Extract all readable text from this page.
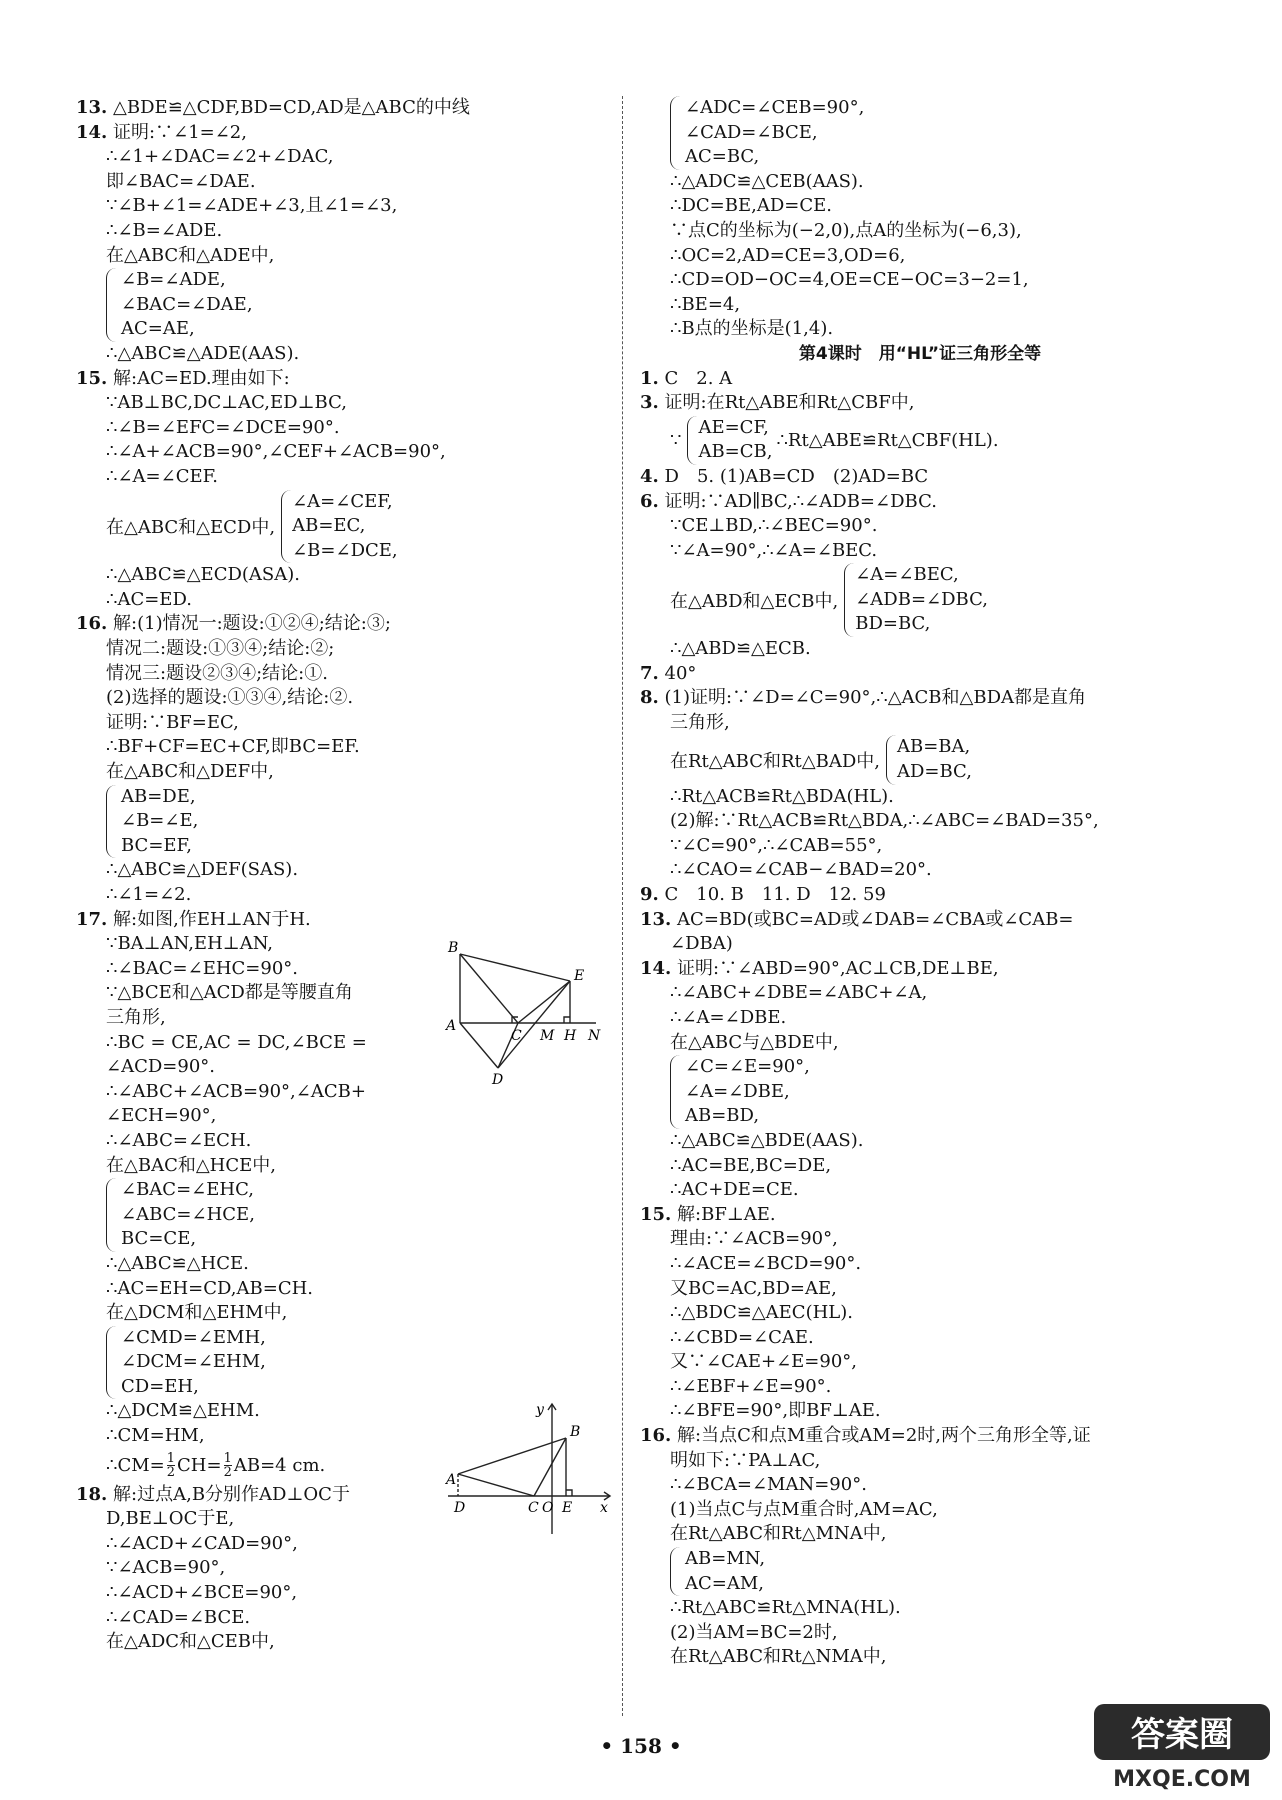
13. △BDE≌△CDF,BD=CD,AD是△ABC的中线
14. 证明:∵∠1=∠2,
∴∠1+∠DAC=∠2+∠DAC,
即∠BAC=∠DAE.
∵∠B+∠1=∠ADE+∠3,且∠1=∠3,
∴∠B=∠ADE.
在△ABC和△ADE中,
∠B=∠ADE,
∠BAC=∠DAE,
AC=AE,
∴△ABC≌△ADE(AAS).
15. 解:AC=ED.理由如下:
∵AB⊥BC,DC⊥AC,ED⊥BC,
∴∠B=∠EFC=∠DCE=90°.
∴∠A+∠ACB=90°,∠CEF+∠ACB=90°,
∴∠A=∠CEF.
在△ABC和△ECD中,
∠A=∠CEF,
AB=EC,
∠B=∠DCE,
∴△ABC≌△ECD(ASA).
∴AC=ED.
16. 解:(1)情况一:题设:①②④;结论:③;
情况二:题设:①③④;结论:②;
情况三:题设②③④;结论:①.
(2)选择的题设:①③④,结论:②.
证明:∵BF=EC,
∴BF+CF=EC+CF,即BC=EF.
在△ABC和△DEF中,
AB=DE,
∠B=∠E,
BC=EF,
∴△ABC≌△DEF(SAS).
∴∠1=∠2.
17. 解:如图,作EH⊥AN于H.
∵BA⊥AN,EH⊥AN,
∴∠BAC=∠EHC=90°.
∵△BCE和△ACD都是等腰直角
三角形,
∴BC = CE,AC = DC,∠BCE =
∠ACD=90°.
∴∠ABC+∠ACB=90°,∠ACB+
∠ECH=90°,
∴∠ABC=∠ECH.
在△BAC和△HCE中,
∠BAC=∠EHC,
∠ABC=∠HCE,
BC=CE,
∴△ABC≌△HCE.
∴AC=EH=CD,AB=CH.
在△DCM和△EHM中,
∠CMD=∠EMH,
∠DCM=∠EHM,
CD=EH,
∴△DCM≌△EHM.
∴CM=HM,
∴CM= $\frac{1}{2} CH= \frac{1}{2} AB=4$ cm.
18. 解:过点A,B分别作AD⊥OC于
D,BE⊥OC于E,
∴∠ACD+∠CAD=90°,
∵∠ACB=90°,
∴∠ACD+∠BCE=90°,
∴∠CAD=∠BCE.
在△ADC和△CEB中,
∠ADC=∠CEB=90°,
∠CAD=∠BCE,
AC=BC,
∴△ADC≌△CEB(AAS).
∴DC=BE,AD=CE.
∵点C的坐标为(−2,0),点A的坐标为(−6,3),
∴OC=2,AD=CE=3,OD=6,
∴CD=OD−OC=4,OE=CE−OC=3−2=1,
∴BE=4,
∴B点的坐标是(1,4).
第4课时　用“HL”证三角形全等
1. C　2. A
3. 证明:在Rt△ABE和Rt△CBF中,
∵
AE=CF,
AB=CB,
∴Rt△ABE≌Rt△CBF(HL).
4. D　5. (1)AB=CD　(2)AD=BC
6. 证明:∵AD∥BC,∴∠ADB=∠DBC.
∵CE⊥BD,∴∠BEC=90°.
∵∠A=90°,∴∠A=∠BEC.
在△ABD和△ECB中,
∠A=∠BEC,
∠ADB=∠DBC,
BD=BC,
∴△ABD≌△ECB.
7. 40°
8. (1)证明:∵∠D=∠C=90°,∴△ACB和△BDA都是直角
三角形,
在Rt△ABC和Rt△BAD中,
AB=BA,
AD=BC,
∴Rt△ACB≌Rt△BDA(HL).
(2)解:∵Rt△ACB≌Rt△BDA,∴∠ABC=∠BAD=35°,
∵∠C=90°,∴∠CAB=55°,
∴∠CAO=∠CAB−∠BAD=20°.
9. C　10. B　11. D　12. 59
13. AC=BD(或BC=AD或∠DAB=∠CBA或∠CAB=
∠DBA)
14. 证明:∵∠ABD=90°,AC⊥CB,DE⊥BE,
∴∠ABC+∠DBE=∠ABC+∠A,
∴∠A=∠DBE.
在△ABC与△BDE中,
∠C=∠E=90°,
∠A=∠DBE,
AB=BD,
∴△ABC≌△BDE(AAS).
∴AC=BE,BC=DE,
∴AC+DE=CE.
15. 解:BF⊥AE.
理由:∵∠ACB=90°,
∴∠ACE=∠BCD=90°.
又BC=AC,BD=AE,
∴△BDC≌△AEC(HL).
∴∠CBD=∠CAE.
又∵∠CAE+∠E=90°,
∴∠EBF+∠E=90°.
∴∠BFE=90°,即BF⊥AE.
16. 解:当点C和点M重合或AM=2时,两个三角形全等,证
明如下:∵PA⊥AC,
∴∠BCA=∠MAN=90°.
(1)当点C与点M重合时,AM=AC,
在Rt△ABC和Rt△MNA中,
AB=MN,
AC=AM,
∴Rt△ABC≌Rt△MNA(HL).
(2)当AM=BC=2时,
在Rt△ABC和Rt△NMA中,
B
E
A
C M H N
D
y
B
A
D	C O E x
• 158 •	答案圈
MXQE.COM
